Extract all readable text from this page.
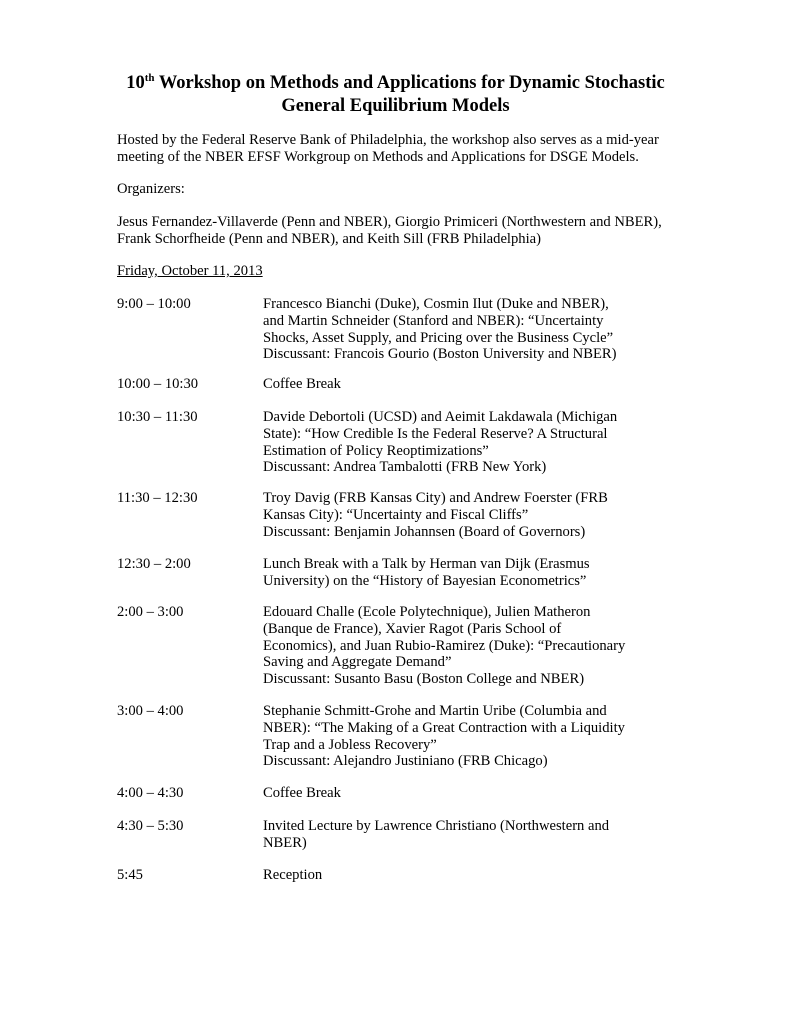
10th Workshop on Methods and Applications for Dynamic Stochastic
General Equilibrium Models

Hosted by the Federal Reserve Bank of Philadelphia, the workshop also serves as a mid-year
meeting of the NBER EFSF Workgroup on Methods and Applications for DSGE Models.

Organizers:

Jesus Fernandez-Villaverde (Penn and NBER), Giorgio Primiceri (Northwestern and NBER),
Frank Schorfheide (Penn and NBER), and Keith Sill (FRB Philadelphia)

Friday, October 11, 2013

9:00 – 10:00	Francesco Bianchi (Duke), Cosmin Ilut (Duke and NBER),
and Martin Schneider (Stanford and NBER): “Uncertainty
Shocks, Asset Supply, and Pricing over the Business Cycle”
Discussant: Francois Gourio (Boston University and NBER)
10:00 – 10:30	Coffee Break
10:30 – 11:30	Davide Debortoli (UCSD) and Aeimit Lakdawala (Michigan
State): “How Credible Is the Federal Reserve? A Structural
Estimation of Policy Reoptimizations”
Discussant: Andrea Tambalotti (FRB New York)
11:30 – 12:30	Troy Davig (FRB Kansas City) and Andrew Foerster (FRB
Kansas City): “Uncertainty and Fiscal Cliffs”
Discussant: Benjamin Johannsen (Board of Governors)
12:30 – 2:00	Lunch Break with a Talk by Herman van Dijk (Erasmus
University) on the “History of Bayesian Econometrics”
2:00 – 3:00	Edouard Challe (Ecole Polytechnique), Julien Matheron
(Banque de France), Xavier Ragot (Paris School of
Economics), and Juan Rubio-Ramirez (Duke): “Precautionary
Saving and Aggregate Demand”
Discussant: Susanto Basu (Boston College and NBER)
3:00 – 4:00	Stephanie Schmitt-Grohe and Martin Uribe (Columbia and
NBER): “The Making of a Great Contraction with a Liquidity
Trap and a Jobless Recovery”
Discussant: Alejandro Justiniano (FRB Chicago)
4:00 – 4:30	Coffee Break
4:30 – 5:30	Invited Lecture by Lawrence Christiano (Northwestern and
NBER)
5:45	Reception
